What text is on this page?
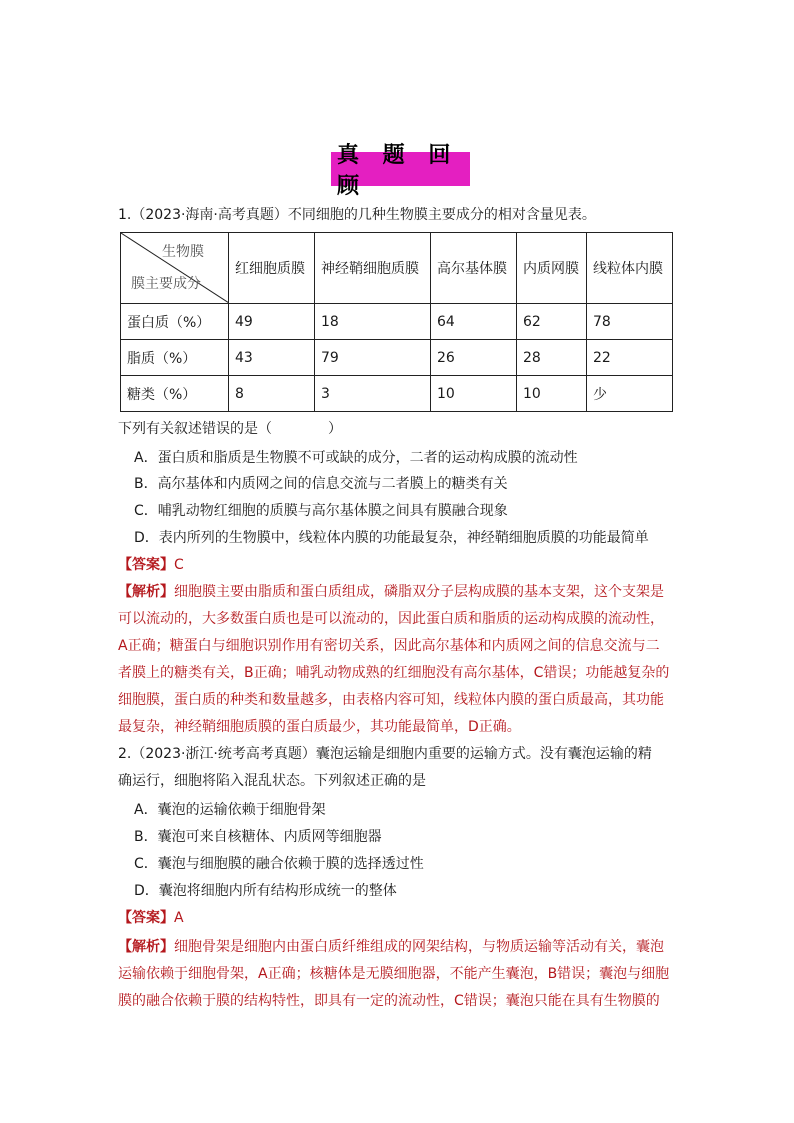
真 题 回 顾
1.（2023·海南·高考真题）不同细胞的几种生物膜主要成分的相对含量见表。
生物膜
膜主要成分	红细胞质膜	神经鞘细胞质膜	高尔基体膜	内质网膜	线粒体内膜
蛋白质（%）	49	18	64	62	78
脂质（%）	43	79	26	28	22
糖类（%）	8	3	10	10	少
下列有关叙述错误的是（　　　　）
A．蛋白质和脂质是生物膜不可或缺的成分，二者的运动构成膜的流动性
B．高尔基体和内质网之间的信息交流与二者膜上的糖类有关
C．哺乳动物红细胞的质膜与高尔基体膜之间具有膜融合现象
D．表内所列的生物膜中，线粒体内膜的功能最复杂，神经鞘细胞质膜的功能最简单
【答案】C
【解析】细胞膜主要由脂质和蛋白质组成，磷脂双分子层构成膜的基本支架，这个支架是
可以流动的，大多数蛋白质也是可以流动的，因此蛋白质和脂质的运动构成膜的流动性，
A正确；糖蛋白与细胞识别作用有密切关系，因此高尔基体和内质网之间的信息交流与二
者膜上的糖类有关，B正确；哺乳动物成熟的红细胞没有高尔基体，C错误；功能越复杂的
细胞膜，蛋白质的种类和数量越多，由表格内容可知，线粒体内膜的蛋白质最高，其功能
最复杂，神经鞘细胞质膜的蛋白质最少，其功能最简单，D正确。
2.（2023·浙江·统考高考真题）囊泡运输是细胞内重要的运输方式。没有囊泡运输的精
确运行，细胞将陷入混乱状态。下列叙述正确的是
A．囊泡的运输依赖于细胞骨架
B．囊泡可来自核糖体、内质网等细胞器
C．囊泡与细胞膜的融合依赖于膜的选择透过性
D．囊泡将细胞内所有结构形成统一的整体
【答案】A
【解析】细胞骨架是细胞内由蛋白质纤维组成的网架结构，与物质运输等活动有关，囊泡
运输依赖于细胞骨架，A正确；核糖体是无膜细胞器，不能产生囊泡，B错误；囊泡与细胞
膜的融合依赖于膜的结构特性，即具有一定的流动性，C错误；囊泡只能在具有生物膜的
